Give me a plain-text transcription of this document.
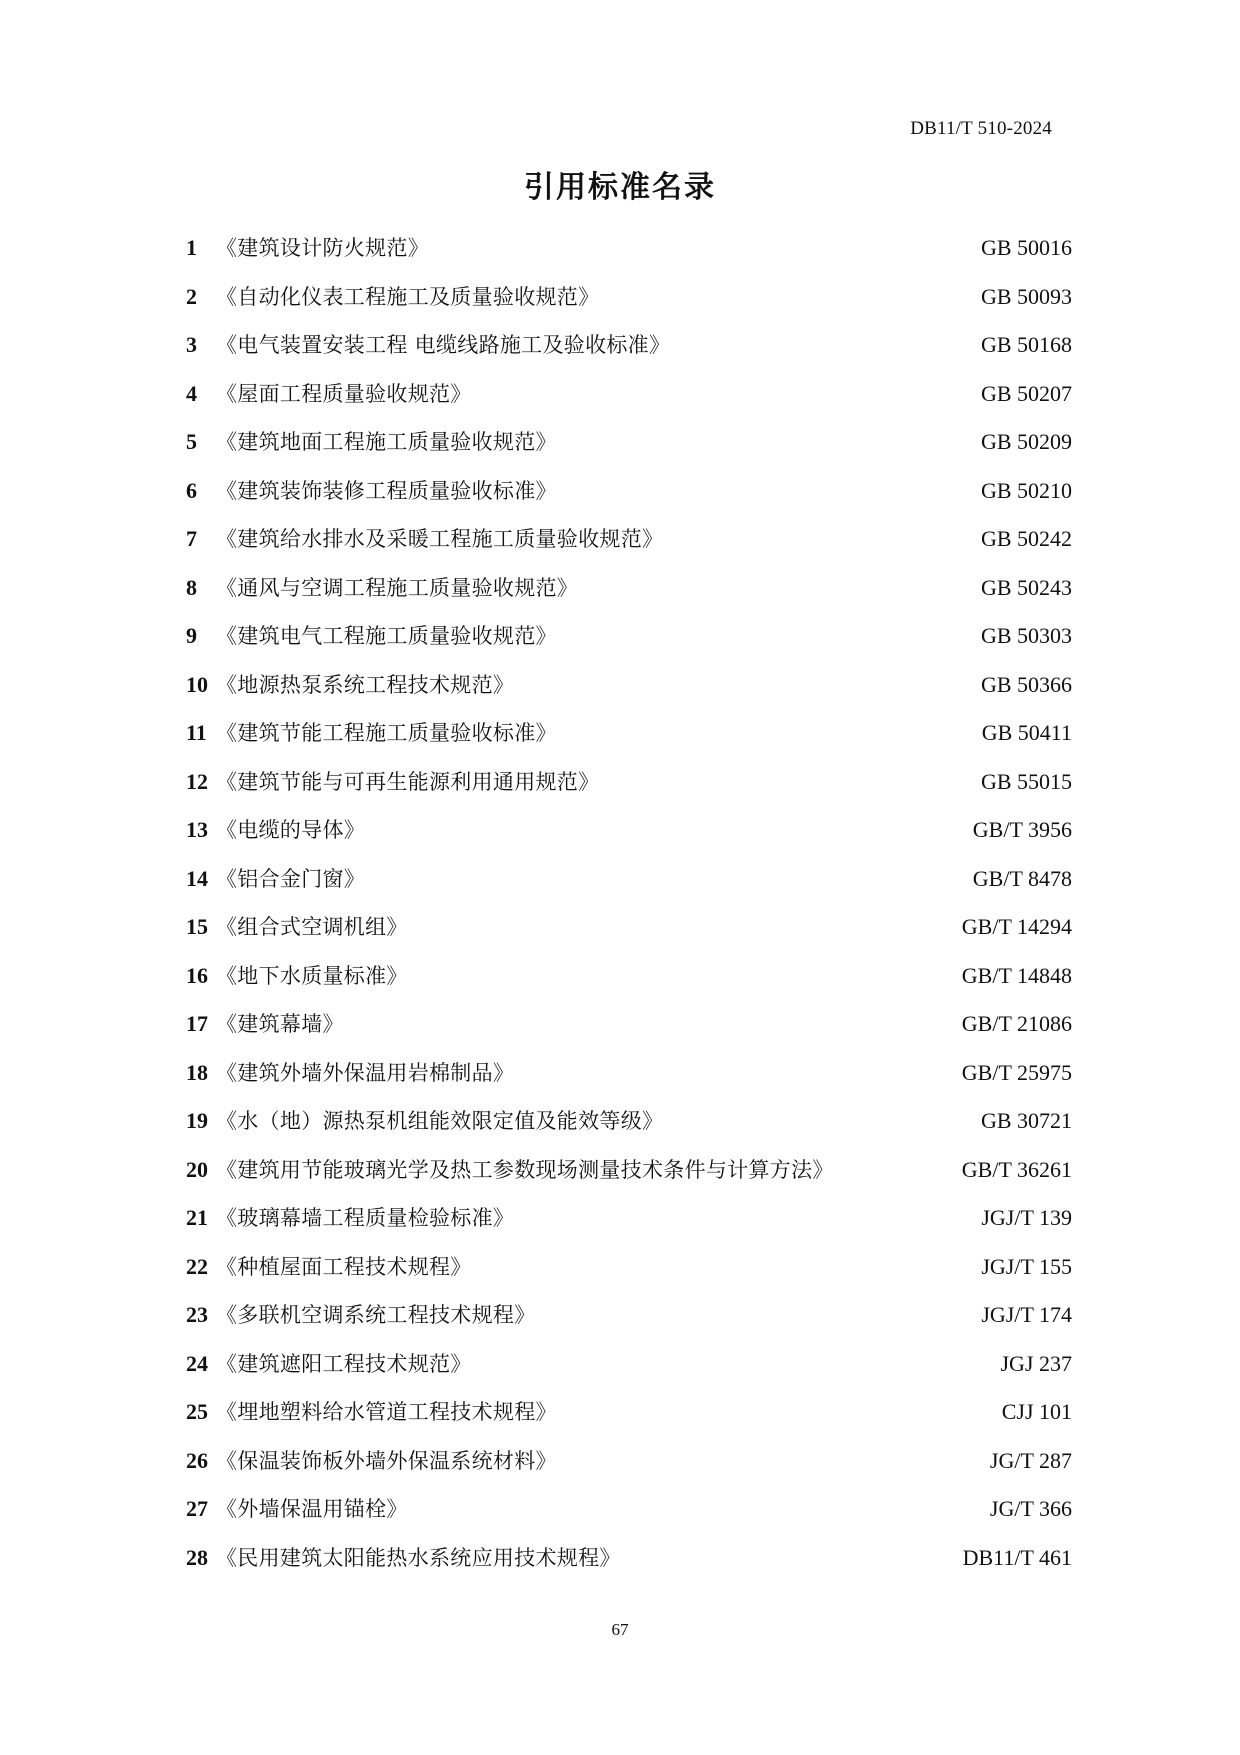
DB11/T 510-2024
引用标准名录
1 《建筑设计防火规范》	GB 50016
2 《自动化仪表工程施工及质量验收规范》	GB 50093
3 《电气装置安装工程 电缆线路施工及验收标准》	GB 50168
4 《屋面工程质量验收规范》	GB 50207
5 《建筑地面工程施工质量验收规范》	GB 50209
6 《建筑装饰装修工程质量验收标准》	GB 50210
7 《建筑给水排水及采暖工程施工质量验收规范》	GB 50242
8 《通风与空调工程施工质量验收规范》	GB 50243
9 《建筑电气工程施工质量验收规范》	GB 50303
10 《地源热泵系统工程技术规范》	GB 50366
11 《建筑节能工程施工质量验收标准》	GB 50411
12 《建筑节能与可再生能源利用通用规范》	GB 55015
13 《电缆的导体》	GB/T 3956
14 《铝合金门窗》	GB/T 8478
15 《组合式空调机组》	GB/T 14294
16 《地下水质量标准》	GB/T 14848
17 《建筑幕墙》	GB/T 21086
18 《建筑外墙外保温用岩棉制品》	GB/T 25975
19 《水（地）源热泵机组能效限定值及能效等级》	GB 30721
20 《建筑用节能玻璃光学及热工参数现场测量技术条件与计算方法》	GB/T 36261
21 《玻璃幕墙工程质量检验标准》	JGJ/T 139
22 《种植屋面工程技术规程》	JGJ/T 155
23 《多联机空调系统工程技术规程》	JGJ/T 174
24 《建筑遮阳工程技术规范》	JGJ 237
25 《埋地塑料给水管道工程技术规程》	CJJ 101
26 《保温装饰板外墙外保温系统材料》	JG/T 287
27 《外墙保温用锚栓》	JG/T 366
28 《民用建筑太阳能热水系统应用技术规程》	DB11/T 461
67
